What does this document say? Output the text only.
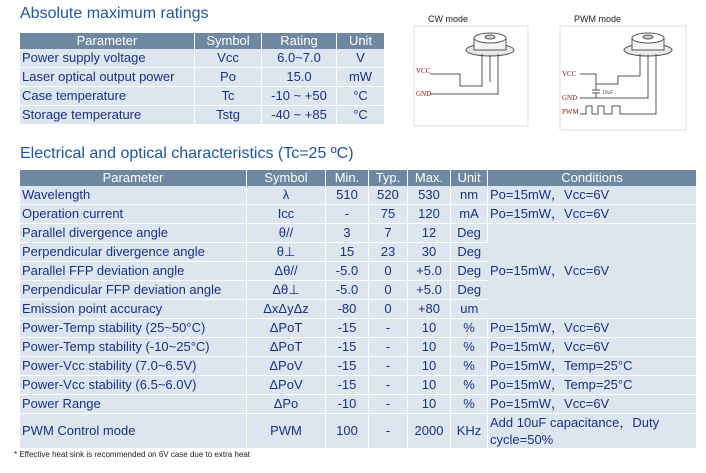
Absolute maximum ratings
Parameter	Symbol	Rating	Unit
Power supply voltage	Vcc	6.0~7.0	V
Laser optical output power	Po	15.0	mW
Case temperature	Tc	-10 ~ +50	°C
Storage temperature	Tstg	-40 ~ +85	°C
CW mode
VCC
GND
PWM mode
10uF
VCC
GND
PWM
Electrical and optical characteristics (Tc=25 ºC)
Parameter	Symbol	Min.	Typ.	Max.	Unit	Conditions
Wavelength	λ	510	520	530	nm	Po=15mW，Vcc=6V
Operation current	Icc	-	75	120	mA	Po=15mW，Vcc=6V
Parallel divergence angle	θ//	3	7	12	Deg	Po=15mW，Vcc=6V
Perpendicular divergence angle	θ⊥	15	23	30	Deg	
Parallel FFP deviation angle	Δθ//	-5.0	0	+5.0	Deg	
Perpendicular FFP deviation angle	Δθ⊥	-5.0	0	+5.0	Deg	
Emission point accuracy	ΔxΔyΔz	-80	0	+80	um	
Power-Temp stability (25~50°C)	ΔPoT	-15	-	10	%	Po=15mW，Vcc=6V
Power-Temp stability (-10~25°C)	ΔPoT	-15	-	10	%	Po=15mW，Vcc=6V
Power-Vcc stability (7.0~6.5V)	ΔPoV	-15	-	10	%	Po=15mW，Temp=25°C
Power-Vcc stability (6.5~6.0V)	ΔPoV	-15	-	10	%	Po=15mW，Temp=25°C
Power Range	ΔPo	-10	-	10	%	Po=15mW，Vcc=6V
PWM Control mode	PWM	100	-	2000	KHz	Add 10uF capacitance，Duty cycle=50%
* Effective heat sink is recommended on 6V case due to extra heat
